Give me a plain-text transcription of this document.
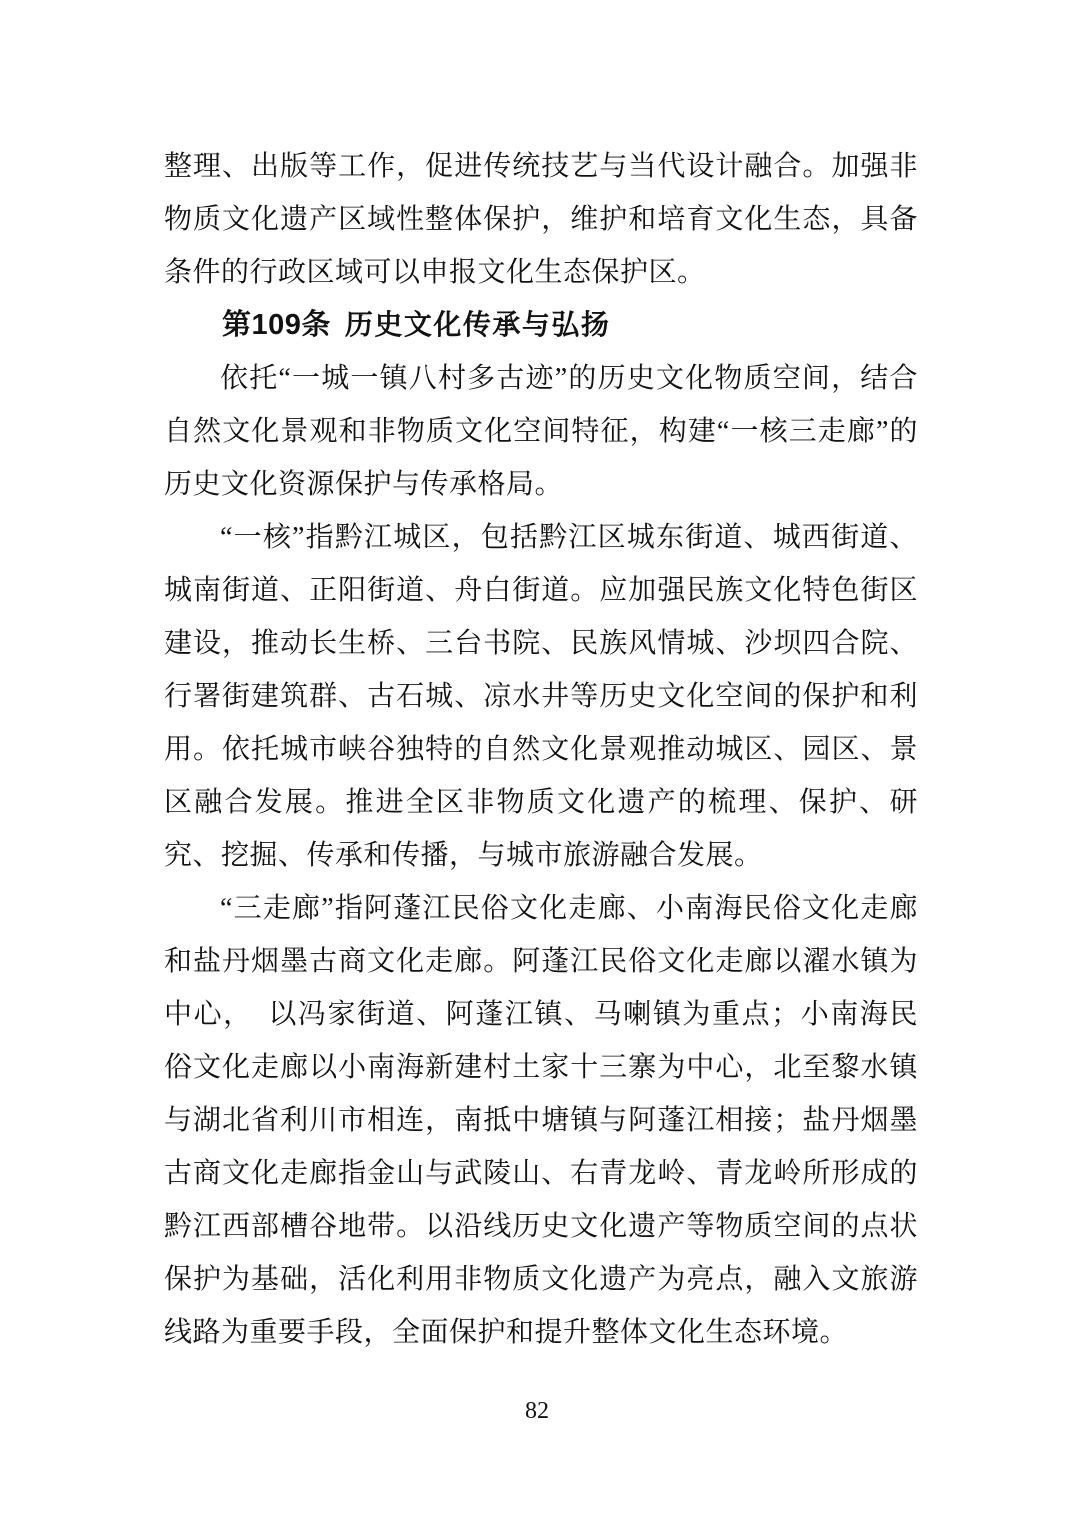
整理、出版等工作，促进传统技艺与当代设计融合。加强非物质文化遗产区域性整体保护，维护和培育文化生态，具备条件的行政区域可以申报文化生态保护区。

第109条 历史文化传承与弘扬

依托“一城一镇八村多古迹”的历史文化物质空间，结合自然文化景观和非物质文化空间特征，构建“一核三走廊”的历史文化资源保护与传承格局。

“一核”指黔江城区，包括黔江区城东街道、城西街道、城南街道、正阳街道、舟白街道。应加强民族文化特色街区建设，推动长生桥、三台书院、民族风情城、沙坝四合院、行署街建筑群、古石城、凉水井等历史文化空间的保护和利用。依托城市峡谷独特的自然文化景观推动城区、园区、景区融合发展。推进全区非物质文化遗产的梳理、保护、研究、挖掘、传承和传播，与城市旅游融合发展。

“三走廊”指阿蓬江民俗文化走廊、小南海民俗文化走廊和盐丹烟墨古商文化走廊。阿蓬江民俗文化走廊以濯水镇为中心，　以冯家街道、阿蓬江镇、马喇镇为重点；小南海民俗文化走廊以小南海新建村土家十三寨为中心，北至黎水镇与湖北省利川市相连，南抵中塘镇与阿蓬江相接；盐丹烟墨古商文化走廊指金山与武陵山、右青龙岭、青龙岭所形成的黔江西部槽谷地带。以沿线历史文化遗产等物质空间的点状保护为基础，活化利用非物质文化遗产为亮点，融入文旅游线路为重要手段，全面保护和提升整体文化生态环境。

82
